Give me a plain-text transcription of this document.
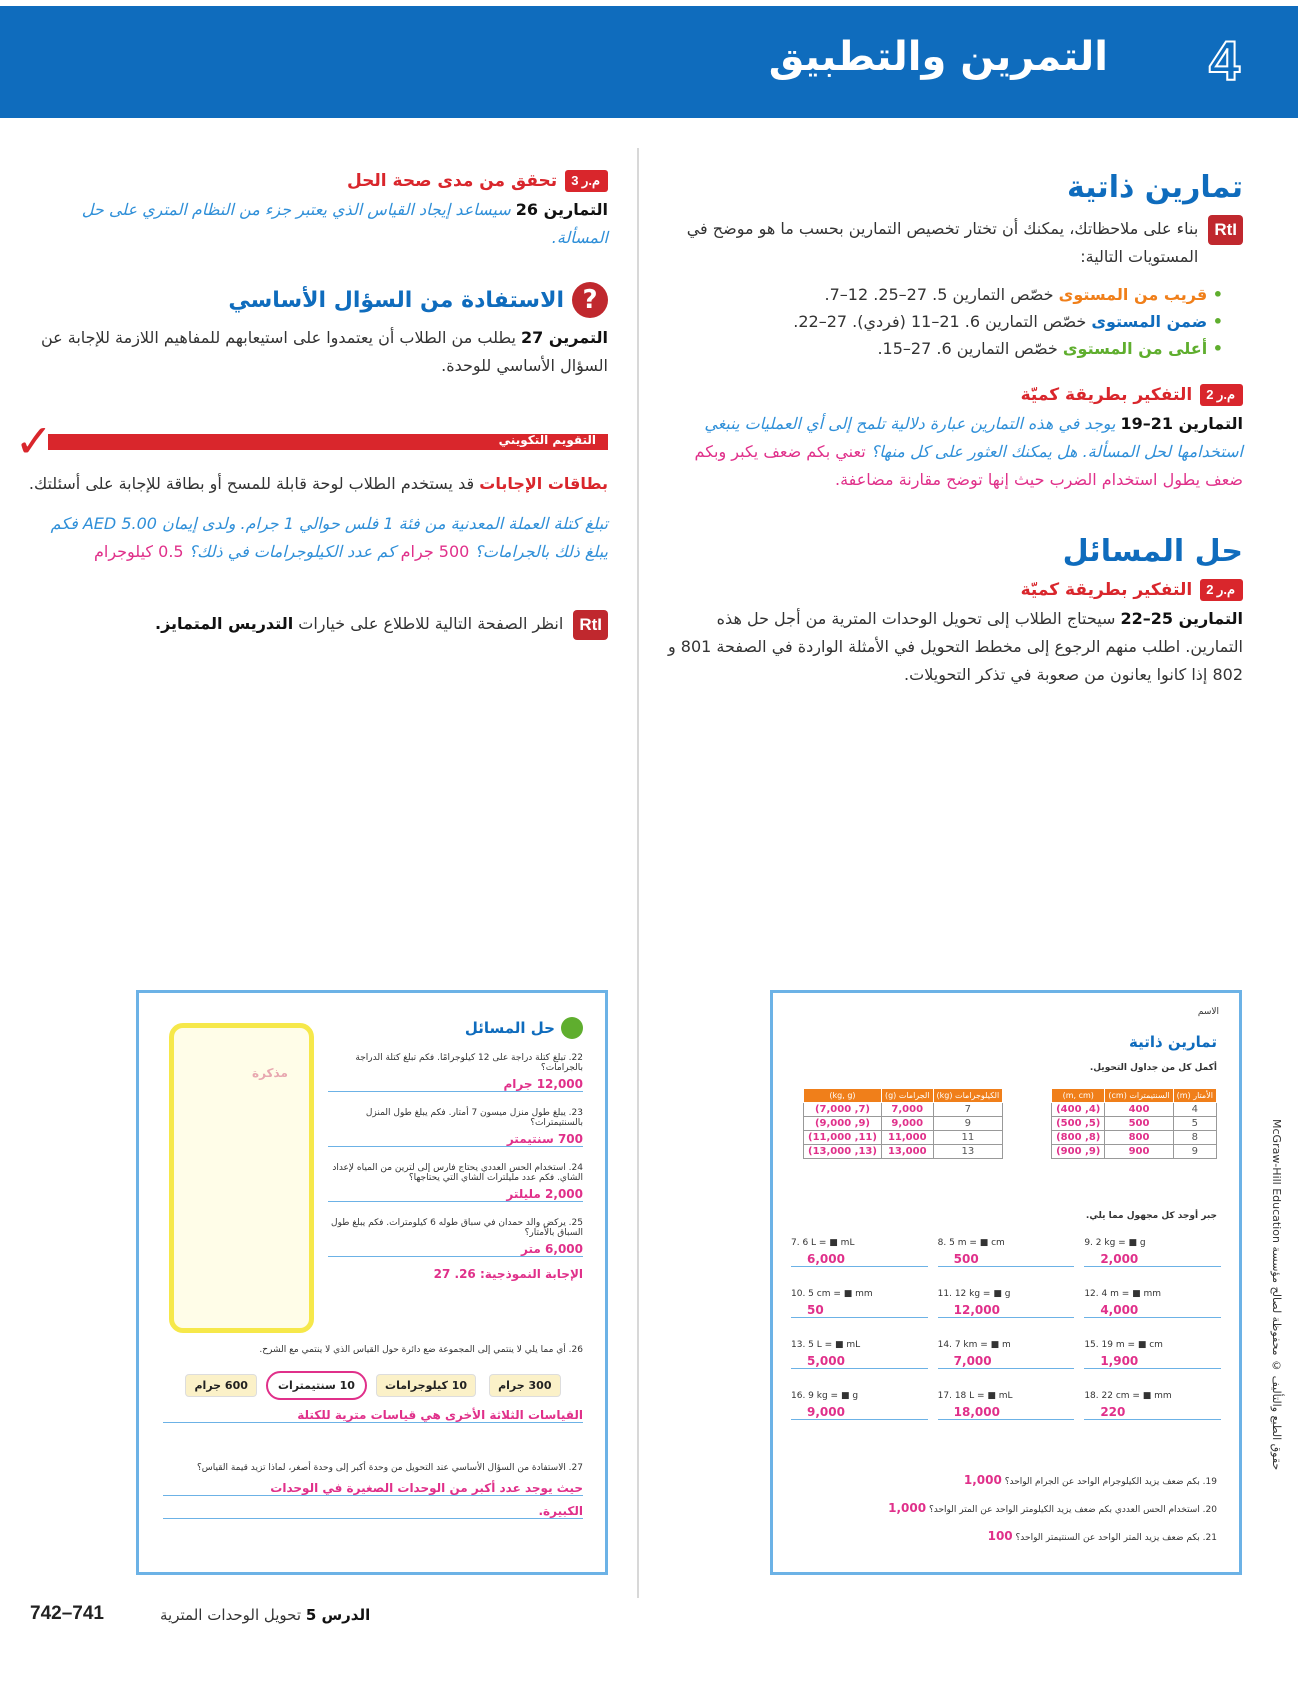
التمرين والتطبيق 4
تمارين ذاتية
RtI
بناء على ملاحظاتك، يمكنك أن تختار تخصيص التمارين بحسب ما هو موضح في المستويات التالية:
• قريب من المستوى خصّص التمارين 5. 27–25. 12–7.
• ضمن المستوى خصّص التمارين 6. 21–11 (فردي). 27–22.
• أعلى من المستوى خصّص التمارين 6. 27–15.
م.ر 2
التفكير بطريقة كميّة
التمارين 21–19 يوجد في هذه التمارين عبارة دلالية تلمح إلى أي العمليات ينبغي استخدامها لحل المسألة. هل يمكنك العثور على كل منها؟ تعني بكم ضعف يكبر وبكم ضعف يطول استخدام الضرب حيث إنها توضح مقارنة مضاعفة.
حل المسائل
م.ر 2
التفكير بطريقة كميّة
التمارين 25–22 سيحتاج الطلاب إلى تحويل الوحدات المترية من أجل حل هذه التمارين. اطلب منهم الرجوع إلى مخطط التحويل في الأمثلة الواردة في الصفحة 801 و 802 إذا كانوا يعانون من صعوبة في تذكر التحويلات.
م.ر 3
تحقق من مدى صحة الحل
التمارين 26 سيساعد إيجاد القياس الذي يعتبر جزء من النظام المتري على حل المسألة.
?
الاستفادة من السؤال الأساسي
التمرين 27 يطلب من الطلاب أن يعتمدوا على استيعابهم للمفاهيم اللازمة للإجابة عن السؤال الأساسي للوحدة.
التقويم التكويني
✓
بطاقات الإجابات قد يستخدم الطلاب لوحة قابلة للمسح أو بطاقة للإجابة على أسئلتك.
تبلغ كتلة العملة المعدنية من فئة 1 فلس حوالي 1 جرام. ولدى إيمان AED 5.00 فكم يبلغ ذلك بالجرامات؟ 500 جرام كم عدد الكيلوجرامات في ذلك؟ 0.5 كيلوجرام
RtI
انظر الصفحة التالية للاطلاع على خيارات التدريس المتمايز.
الاسم
تمارين ذاتية
أكمل كل من جداول التحويل.
الأمتار (m)	السنتيمترات (cm)	(m, cm)
4	400	(4, 400)
5	500	(5, 500)
8	800	(8, 800)
9	900	(9, 900)
الكيلوجرامات (kg)	الجرامات (g)	(kg, g)
7	7,000	(7, 7,000)
9	9,000	(9, 9,000)
11	11,000	(11, 11,000)
13	13,000	(13, 13,000)
جبر أوجد كل مجهول مما يلي.
7. 6 L = ■ mL
6,000
8. 5 m = ■ cm
500
9. 2 kg = ■ g
2,000
10. 5 cm = ■ mm
50
11. 12 kg = ■ g
12,000
12. 4 m = ■ mm
4,000
13. 5 L = ■ mL
5,000
14. 7 km = ■ m
7,000
15. 19 m = ■ cm
1,900
16. 9 kg = ■ g
9,000
17. 18 L = ■ mL
18,000
18. 22 cm = ■ mm
220
19. بكم ضعف يزيد الكيلوجرام الواحد عن الجرام الواحد؟ 1,000
20. استخدام الحس العددي بكم ضعف يزيد الكيلومتر الواحد عن المتر الواحد؟ 1,000
21. بكم ضعف يزيد المتر الواحد عن السنتيمتر الواحد؟ 100
مذكرة
حل المسائل
22. تبلغ كتلة دراجة على 12 كيلوجرامًا. فكم تبلغ كتلة الدراجة بالجرامات؟
12,000 جرام
23. يبلغ طول منزل ميسون 7 أمتار. فكم يبلغ طول المنزل بالسنتيمترات؟
700 سنتيمتر
24. استخدام الحس العددي يحتاج فارس إلى لترين من المياه لإعداد الشاي. فكم عدد مليلترات الشاي التي يحتاجها؟
2,000 مليلتر
25. يركض والد حمدان في سباق طوله 6 كيلومترات. فكم يبلغ طول السباق بالأمتار؟
6,000 متر
الإجابة النموذجية: 26. 27
26. أي مما يلي لا ينتمي إلى المجموعة ضع دائرة حول القياس الذي لا ينتمي مع الشرح.
300 جرام 10 كيلوجرامات 10 سنتيمترات 600 جرام
القياسات الثلاثة الأخرى هي قياسات مترية للكتلة
27. الاستفادة من السؤال الأساسي عند التحويل من وحدة أكبر إلى وحدة أصغر، لماذا تزيد قيمة القياس؟
حيث يوجد عدد أكبر من الوحدات الصغيرة في الوحدات
الكبيرة.
حقوق الطبع والتأليف © محفوظة لصالح مؤسسة McGraw-Hill Education
741–742	الدرس 5 تحويل الوحدات المترية
